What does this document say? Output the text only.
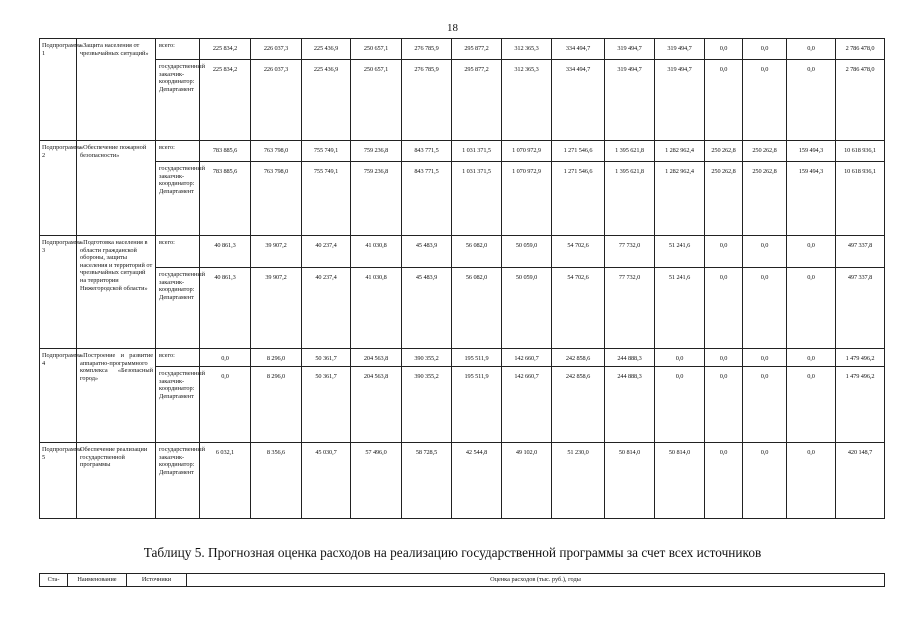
18
Подпрограмма 1	«Защита населения от чрезвычайных ситуаций»	всего:	225 834,2	226 037,3	225 436,9	250 657,1	276 785,9	295 877,2	312 365,3	334 494,7	319 494,7	319 494,7	0,0	0,0	0,0	2 786 478,0
		государственный заказчик-координатор: Департамент	225 834,2	226 037,3	225 436,9	250 657,1	276 785,9	295 877,2	312 365,3	334 494,7	319 494,7	319 494,7	0,0	0,0	0,0	2 786 478,0
Подпрограмма 2	«Обеспечение пожарной безопасности»	всего:	783 885,6	763 798,0	755 749,1	759 236,8	843 771,5	1 031 371,5	1 070 972,9	1 271 546,6	1 395 621,8	1 282 962,4	250 262,8	250 262,8	159 494,3	10 618 936,1
		государственный заказчик-координатор: Департамент	783 885,6	763 798,0	755 749,1	759 236,8	843 771,5	1 031 371,5	1 070 972,9	1 271 546,6	1 395 621,8	1 282 962,4	250 262,8	250 262,8	159 494,3	10 618 936,1
Подпрограмма 3	«Подготовка населения в области гражданской обороны, защиты населения и территорий от чрезвычайных ситуаций на территории Нижегородской области»	всего:	40 861,3	39 907,2	40 237,4	41 030,8	45 483,9	56 082,0	50 059,0	54 702,6	77 732,0	51 241,6	0,0	0,0	0,0	497 337,8
		государственный заказчик-координатор: Департамент	40 861,3	39 907,2	40 237,4	41 030,8	45 483,9	56 082,0	50 059,0	54 702,6	77 732,0	51 241,6	0,0	0,0	0,0	497 337,8
Подпрограмма 4	«Построение и развитие аппаратно-программного комплекса «Безопасный город»	всего:	0,0	8 296,0	50 361,7	204 563,8	390 355,2	195 511,9	142 660,7	242 858,6	244 888,3	0,0	0,0	0,0	0,0	1 479 496,2
		государственный заказчик-координатор: Департамент	0,0	8 296,0	50 361,7	204 563,8	390 355,2	195 511,9	142 660,7	242 858,6	244 888,3	0,0	0,0	0,0	0,0	1 479 496,2
Подпрограмма 5	Обеспечение реализации государственной программы	государственный заказчик-координатор: Департамент	6 032,1	8 356,6	45 030,7	57 496,0	58 728,5	42 544,8	49 102,0	51 230,0	50 814,0	50 814,0	0,0	0,0	0,0	420 148,7
Таблицу 5. Прогнозная оценка расходов на реализацию государственной программы за счет всех источников
Ста-	Наименование	Источники	Оценка расходов (тыс. руб.), годы
